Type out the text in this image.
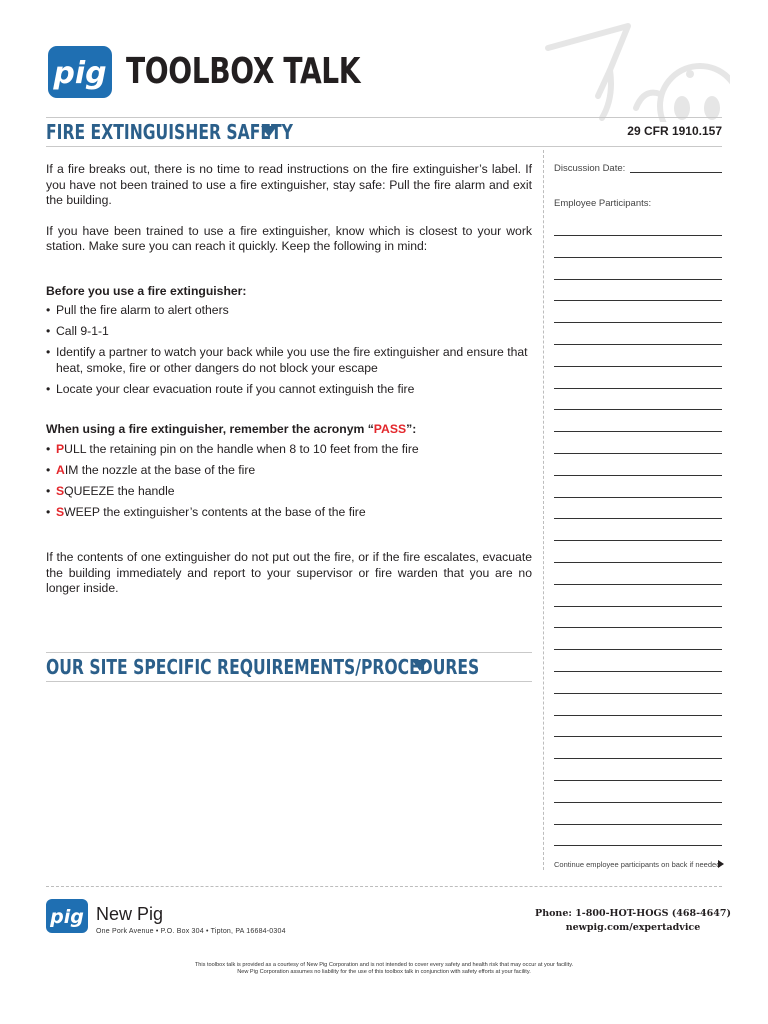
pig TOOLBOX TALK
FIRE EXTINGUISHER SAFETY	29 CFR 1910.157

If a fire breaks out, there is no time to read instructions on the fire extinguisher’s label. If you have not been trained to use a fire extinguisher, stay safe: Pull the fire alarm and exit the building.

If you have been trained to use a fire extinguisher, know which is closest to your work station. Make sure you can reach it quickly. Keep the following in mind:

Before you use a fire extinguisher:

• Pull the fire alarm to alert others
• Call 9-1-1
• Identify a partner to watch your back while you use the fire extinguisher and ensure that heat, smoke, fire or other dangers do not block your escape
• Locate your clear evacuation route if you cannot extinguish the fire

When using a fire extinguisher, remember the acronym “PASS”:

• PULL the retaining pin on the handle when 8 to 10 feet from the fire
• AIM the nozzle at the base of the fire
• SQUEEZE the handle
• SWEEP the extinguisher’s contents at the base of the fire

If the contents of one extinguisher do not put out the fire, or if the fire escalates, evacuate the building immediately and report to your supervisor or fire warden that you are no longer inside.

OUR SITE SPECIFIC REQUIREMENTS/PROCEDURES
Discussion Date:
Employee Participants:
Continue employee participants on back if needed
pig New Pig
One Pork Avenue • P.O. Box 304 • Tipton, PA 16684-0304
Phone: 1-800-HOT-HOGS (468-4647)
newpig.com/expertadvice
This toolbox talk is provided as a courtesy of New Pig Corporation and is not intended to cover every safety and health risk that may occur at your facility.
New Pig Corporation assumes no liability for the use of this toolbox talk in conjunction with safety efforts at your facility.
